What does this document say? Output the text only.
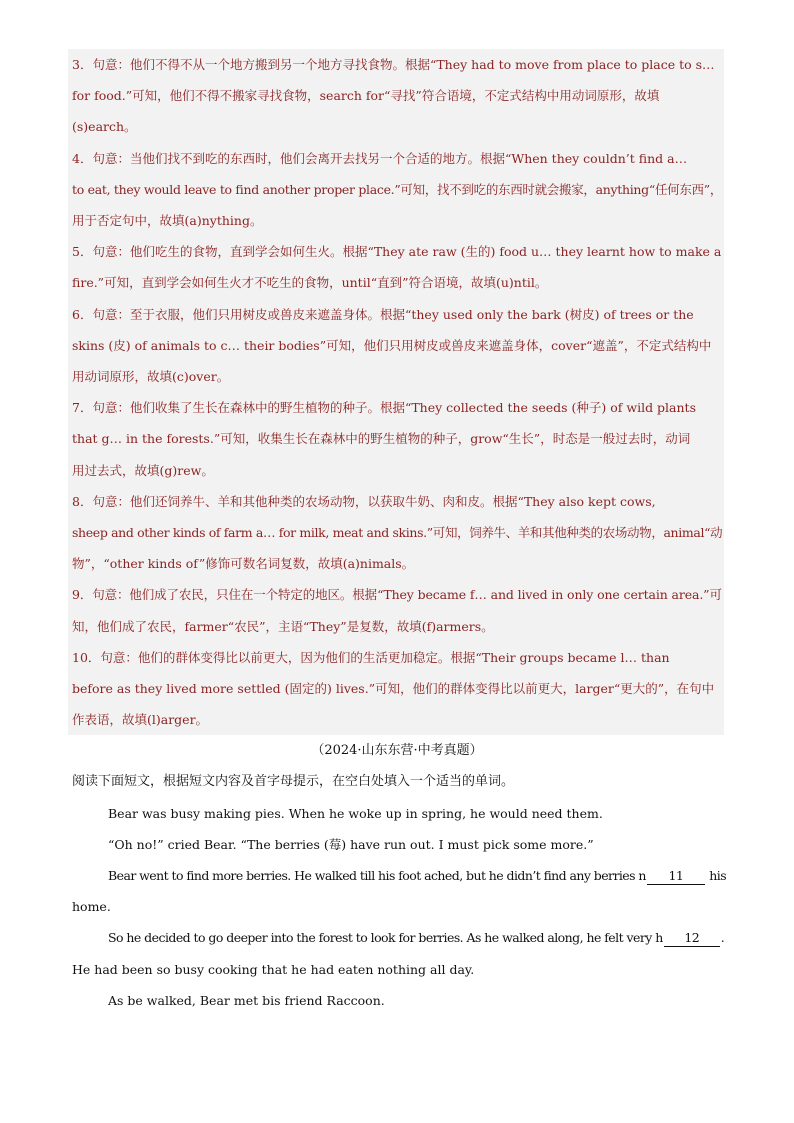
3．句意：他们不得不从一个地方搬到另一个地方寻找食物。根据“They had to move from place to place to s…
for food.”可知，他们不得不搬家寻找食物，search for“寻找”符合语境，不定式结构中用动词原形，故填
(s)earch。
4．句意：当他们找不到吃的东西时，他们会离开去找另一个合适的地方。根据“When they couldn’t find a…
to eat, they would leave to find another proper place.”可知，找不到吃的东西时就会搬家，anything“任何东西”，
用于否定句中，故填(a)nything。
5．句意：他们吃生的食物，直到学会如何生火。根据“They ate raw (生的) food u… they learnt how to make a
fire.”可知，直到学会如何生火才不吃生的食物，until“直到”符合语境，故填(u)ntil。
6．句意：至于衣服，他们只用树皮或兽皮来遮盖身体。根据“they used only the bark (树皮) of trees or the
skins (皮) of animals to c… their bodies”可知，他们只用树皮或兽皮来遮盖身体，cover“遮盖”，不定式结构中
用动词原形，故填(c)over。
7．句意：他们收集了生长在森林中的野生植物的种子。根据“They collected the seeds (种子) of wild plants
that g… in the forests.”可知，收集生长在森林中的野生植物的种子，grow“生长”，时态是一般过去时，动词
用过去式，故填(g)rew。
8．句意：他们还饲养牛、羊和其他种类的农场动物，以获取牛奶、肉和皮。根据“They also kept cows,
sheep and other kinds of farm a… for milk, meat and skins.”可知，饲养牛、羊和其他种类的农场动物，animal“动
物”，“other kinds of”修饰可数名词复数，故填(a)nimals。
9．句意：他们成了农民，只住在一个特定的地区。根据“They became f… and lived in only one certain area.”可
知，他们成了农民，farmer“农民”，主语“They”是复数，故填(f)armers。
10．句意：他们的群体变得比以前更大，因为他们的生活更加稳定。根据“Their groups became l… than
before as they lived more settled (固定的) lives.”可知，他们的群体变得比以前更大，larger“更大的”，在句中
作表语，故填(l)arger。
（2024·山东东营·中考真题）
阅读下面短文，根据短文内容及首字母提示，在空白处填入一个适当的单词。
Bear was busy making pies. When he woke up in spring, he would need them.
“Oh no!” cried Bear. “The berries (莓) have run out. I must pick some more.”
Bear went to find more berries. He walked till his foot ached, but he didn’t find any berries n 11 his
home.
So he decided to go deeper into the forest to look for berries. As he walked along, he felt very h 12 .
He had been so busy cooking that he had eaten nothing all day.
As be walked, Bear met bis friend Raccoon.
